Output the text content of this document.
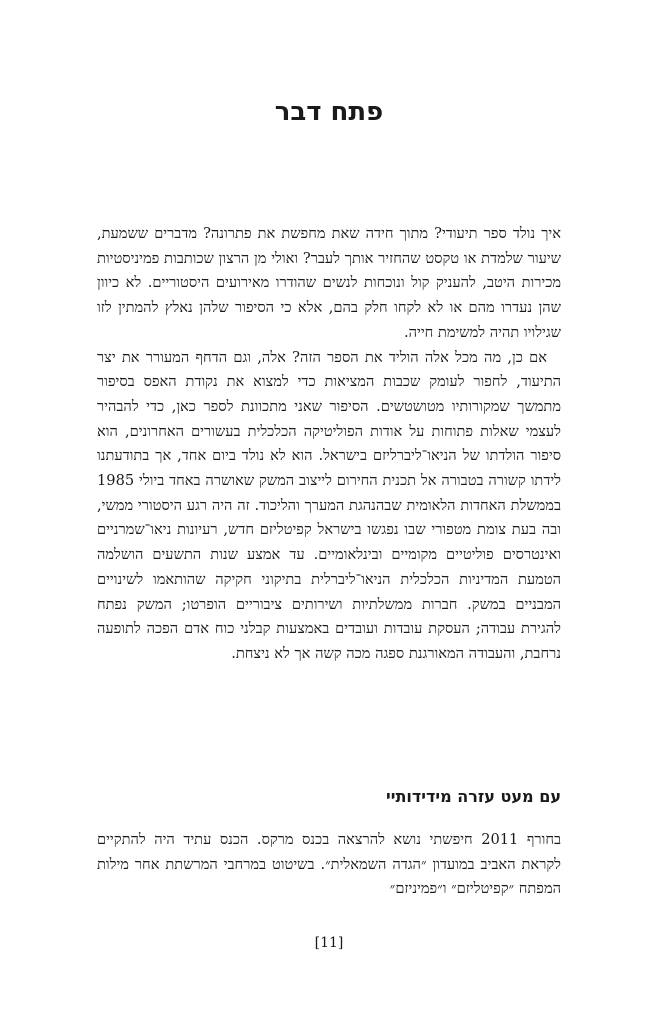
פתח דבר

איך נולד ספר תיעודי? מתוך חידה שאת מחפשת את פתרונה? מדברים ששמעת, שיעור שלמדת או טקסט שהחזיר אותך לעבר? ואולי מן הרצון שכותבות פמיניסטיות מכירות היטב, להעניק קול ונוכחות לנשים שהודרו מאירועים היסטוריים. לא כיוון שהן נעדרו מהם או לא לקחו חלק בהם, אלא כי הסיפור שלהן נאלץ להמתין לזו שגילויו תהיה למשימת חייה.

אם כן, מה מכל אלה הוליד את הספר הזה? אלה, וגם הדחף המעורר את יצר התיעוד, לחפור לעומק שכבות המציאות כדי למצוא את נקודת האפס בסיפור מתמשך שמקורותיו מטושטשים. הסיפור שאני מתכוונת לספר כאן, כדי להבהיר לעצמי שאלות פתוחות על אודות הפוליטיקה הכלכלית בעשורים האחרונים, הוא סיפור הולדתו של הניאו־ליברליזם בישראל. הוא לא נולד ביום אחד, אך בתודעתנו לידתו קשורה בטבורה אל תכנית החירום לייצוב המשק שאושרה באחד ביולי 1985 בממשלת האחדות הלאומית שבהנהגת המערך והליכוד. זה היה רגע היסטורי ממשי, ובה בעת צומת מטפורי שבו נפגשו בישראל קפיטליזם חדש, רעיונות ניאו־שמרניים ואינטרסים פוליטיים מקומיים ובינלאומיים. עד אמצע שנות התשעים הושלמה הטמעת המדיניות הכלכלית הניאו־ליברלית בתיקוני חקיקה שהותאמו לשינויים המבניים במשק. חברות ממשלתיות ושירותים ציבוריים הופרטו; המשק נפתח להגירת עבודה; העסקת עובדות ועובדים באמצעות קבלני כוח אדם הפכה לתופעה נרחבת, והעבודה המאורגנת ספגה מכה קשה אך לא ניצחת.

עם מעט עזרה מידידותיי

בחורף 2011 חיפשתי נושא להרצאה בכנס מרקס. הכנס עתיד היה להתקיים לקראת האביב במועדון ״הגדה השמאלית״. בשיטוט במרחבי המרשתת אחר מילות המפתח ״קפיטליזם״ ו״פמיניזם״

[11]
